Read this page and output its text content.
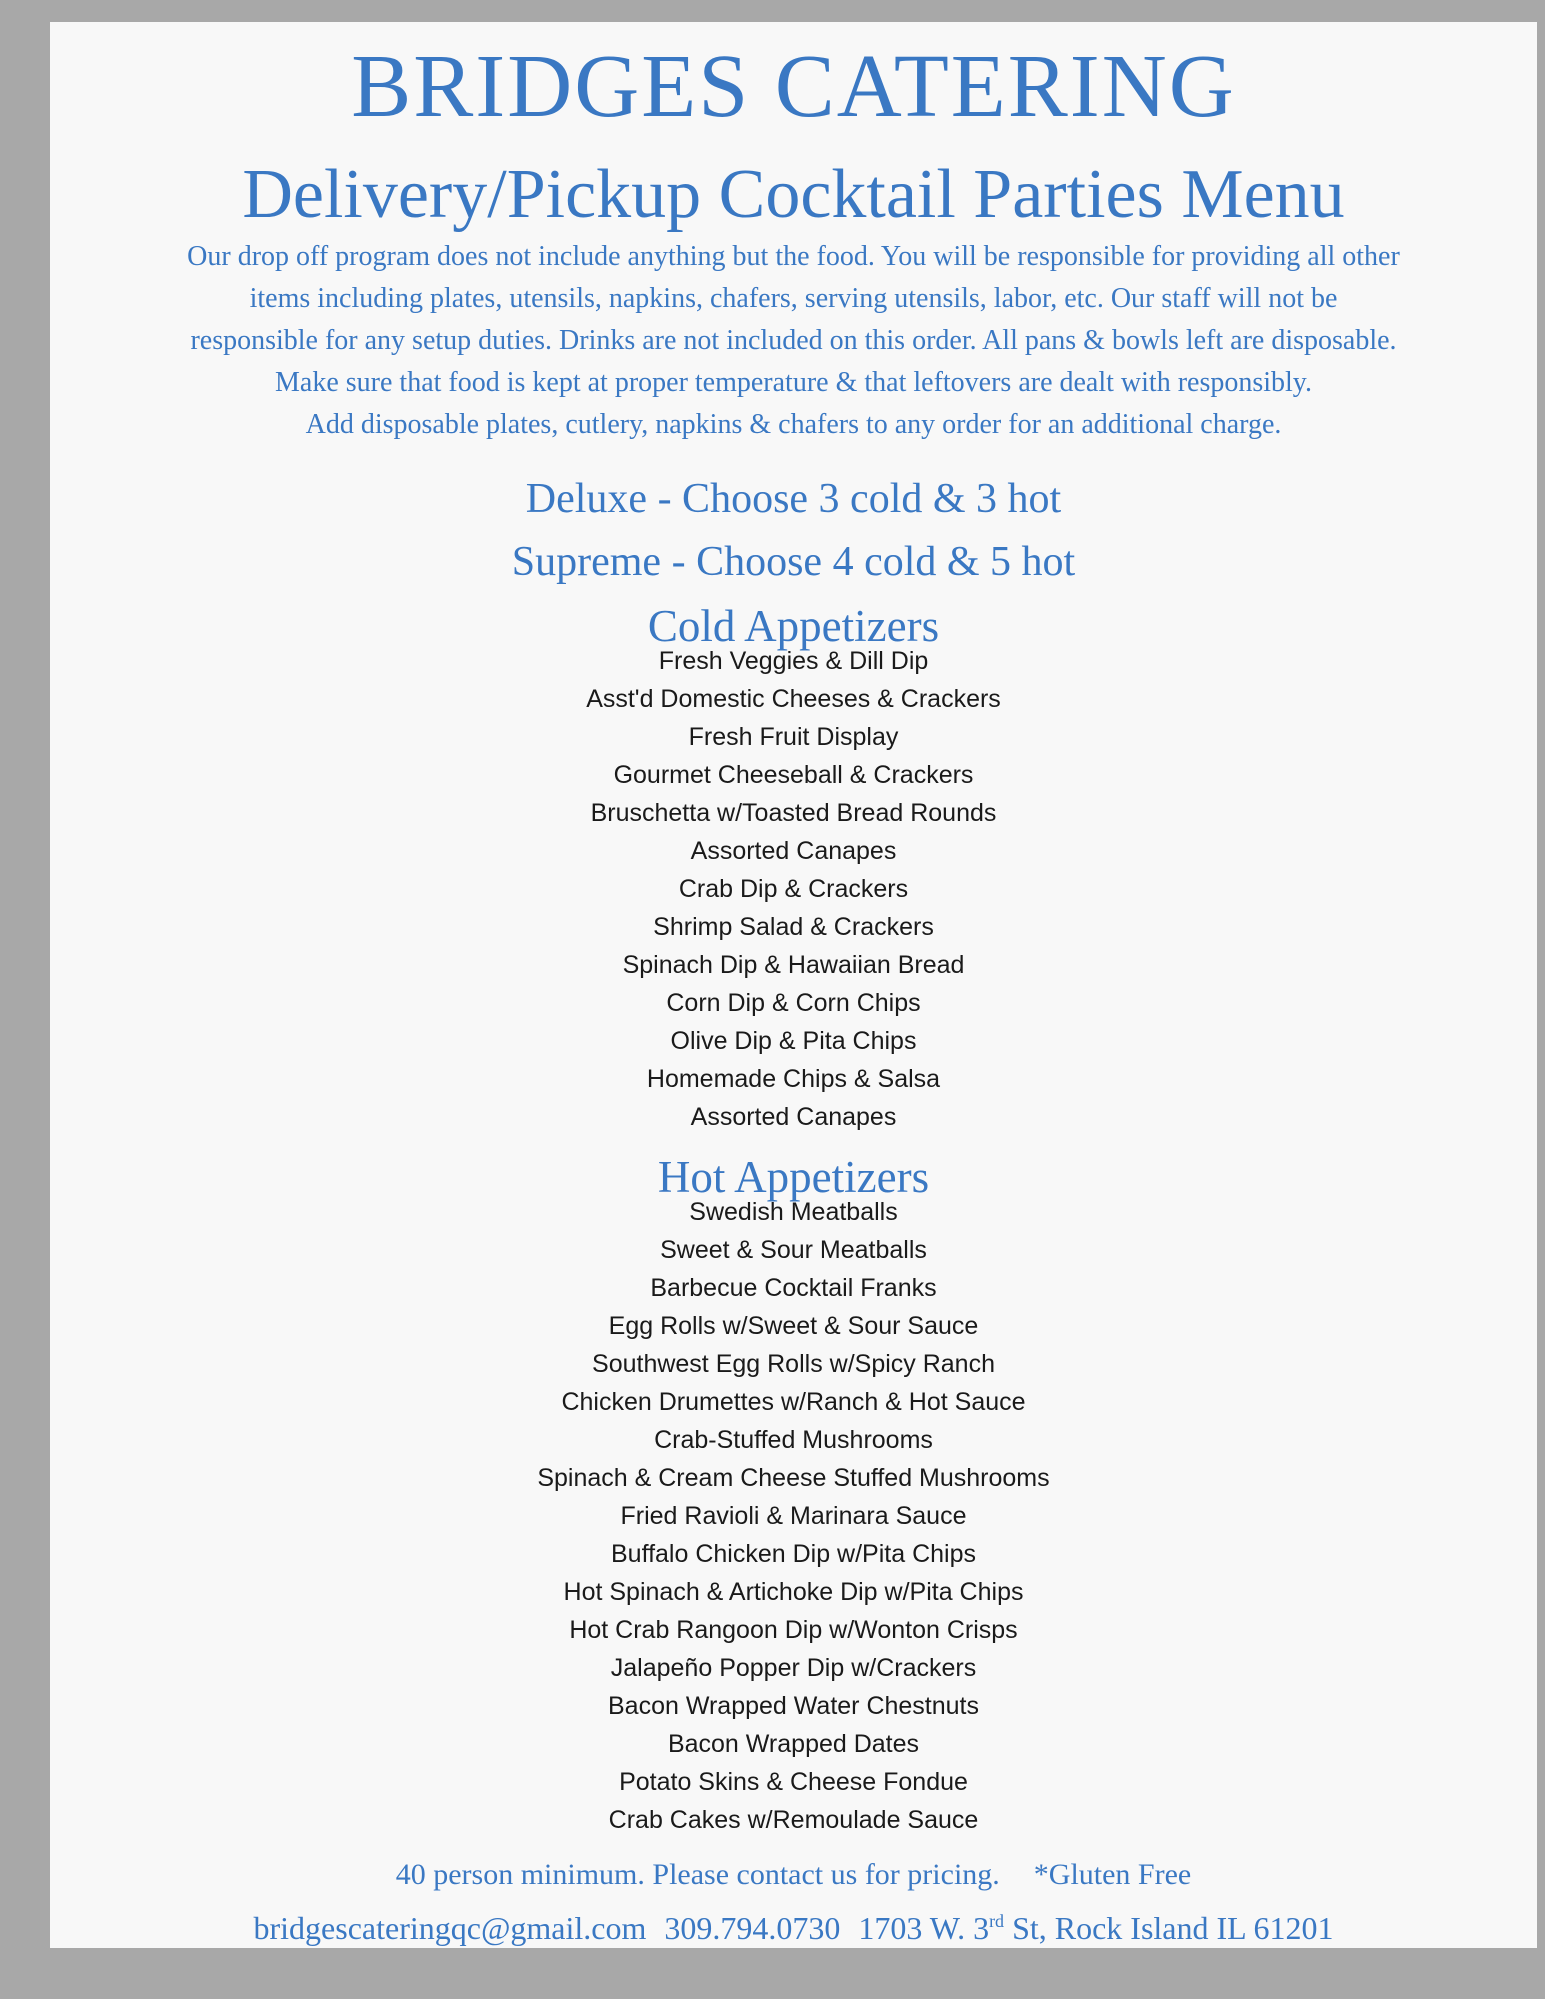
BRIDGES CATERING
Delivery/Pickup Cocktail Parties Menu
Our drop off program does not include anything but the food. You will be responsible for providing all other
items including plates, utensils, napkins, chafers, serving utensils, labor, etc. Our staff will not be
responsible for any setup duties. Drinks are not included on this order. All pans & bowls left are disposable.
Make sure that food is kept at proper temperature & that leftovers are dealt with responsibly.
Add disposable plates, cutlery, napkins & chafers to any order for an additional charge.
Deluxe - Choose 3 cold & 3 hot
Supreme - Choose 4 cold & 5 hot
Cold Appetizers
Fresh Veggies & Dill Dip
Asst'd Domestic Cheeses & Crackers
Fresh Fruit Display
Gourmet Cheeseball & Crackers
Bruschetta w/Toasted Bread Rounds
Assorted Canapes
Crab Dip & Crackers
Shrimp Salad & Crackers
Spinach Dip & Hawaiian Bread
Corn Dip & Corn Chips
Olive Dip & Pita Chips
Homemade Chips & Salsa
Assorted Canapes
Hot Appetizers
Swedish Meatballs
Sweet & Sour Meatballs
Barbecue Cocktail Franks
Egg Rolls w/Sweet & Sour Sauce
Southwest Egg Rolls w/Spicy Ranch
Chicken Drumettes w/Ranch & Hot Sauce
Crab-Stuffed Mushrooms
Spinach & Cream Cheese Stuffed Mushrooms
Fried Ravioli & Marinara Sauce
Buffalo Chicken Dip w/Pita Chips
Hot Spinach & Artichoke Dip w/Pita Chips
Hot Crab Rangoon Dip w/Wonton Crisps
Jalapeño Popper Dip w/Crackers
Bacon Wrapped Water Chestnuts
Bacon Wrapped Dates
Potato Skins & Cheese Fondue
Crab Cakes w/Remoulade Sauce
40 person minimum. Please contact us for pricing. *Gluten Free
bridgescateringqc@gmail.com 309.794.0730 1703 W. 3rd St, Rock Island IL 61201
